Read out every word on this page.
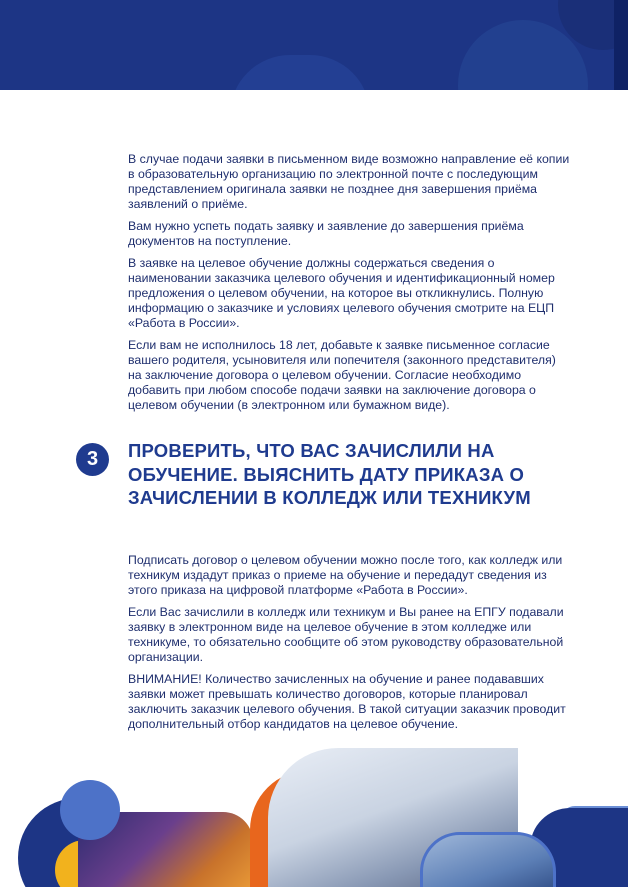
В случае подачи заявки в письменном виде возможно направление её копии в образовательную организацию по электронной почте с последующим представлением оригинала заявки не позднее дня завершения приёма заявлений о приёме.

Вам нужно успеть подать заявку и заявление до завершения приёма документов на поступление.

В заявке на целевое обучение должны содержаться сведения о наименовании заказчика целевого обучения и идентификационный номер предложения о целевом обучении, на которое вы откликнулись. Полную информацию о заказчике и условиях целевого обучения смотрите на ЕЦП «Работа в России».

Если вам не исполнилось 18 лет, добавьте к заявке письменное согласие вашего родителя, усыновителя или попечителя (законного представителя) на заключение договора о целевом обучении. Согласие необходимо добавить при любом способе подачи заявки на заключение договора о целевом обучении (в электронном или бумажном виде).

3	ПРОВЕРИТЬ, ЧТО ВАС ЗАЧИСЛИЛИ НА ОБУЧЕНИЕ. ВЫЯСНИТЬ ДАТУ ПРИКАЗА О ЗАЧИСЛЕНИИ В КОЛЛЕДЖ ИЛИ ТЕХНИКУМ

Подписать договор о целевом обучении можно после того, как колледж или техникум издадут приказ о приеме на обучение и передадут сведения из этого приказа на цифровой платформе «Работа в России».

Если Вас зачислили в колледж или техникум и Вы ранее на ЕПГУ подавали заявку в электронном виде на целевое обучение в этом колледже или техникуме, то обязательно сообщите об этом руководству образовательной организации.

ВНИМАНИЕ! Количество зачисленных на обучение и ранее подававших заявки может превышать количество договоров, которые планировал заключить заказчик целевого обучения. В такой ситуации заказчик проводит дополнительный отбор кандидатов на целевое обучение.
